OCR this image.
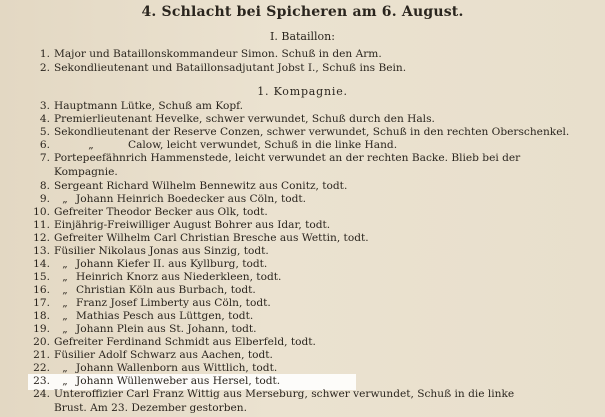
4. Schlacht bei Spicheren am 6. August.
I. Bataillon:
1. Kompagnie.
1. Major und Bataillonskommandeur Simon. Schuß in den Arm.
2. Sekondlieutenant und Bataillonsadjutant Jobst I., Schuß ins Bein.
3. Hauptmann Lütke, Schuß am Kopf.
4. Premierlieutenant Hevelke, schwer verwundet, Schuß durch den Hals.
5. Sekondlieutenant der Reserve Conzen, schwer verwundet, Schuß in den rechten Oberschenkel.
6.	„	Calow, leicht verwundet, Schuß in die linke Hand.
7. Portepeefähnrich Hammenstede, leicht verwundet an der rechten Backe. Blieb bei der
Kompagnie.
8. Sergeant Richard Wilhelm Bennewitz aus Conitz, todt.
9. „ Johann Heinrich Boedecker aus Cöln, todt.
10. Gefreiter Theodor Becker aus Olk, todt.
11. Einjährig-Freiwilliger August Bohrer aus Idar, todt.
12. Gefreiter Wilhelm Carl Christian Bresche aus Wettin, todt.
13. Füsilier Nikolaus Jonas aus Sinzig, todt.
14. „ Johann Kiefer II. aus Kyllburg, todt.
15. „ Heinrich Knorz aus Niederkleen, todt.
16. „ Christian Köln aus Burbach, todt.
17. „ Franz Josef Limberty aus Cöln, todt.
18. „ Mathias Pesch aus Lüttgen, todt.
19. „ Johann Plein aus St. Johann, todt.
20. Gefreiter Ferdinand Schmidt aus Elberfeld, todt.
21. Füsilier Adolf Schwarz aus Aachen, todt.
22. „ Johann Wallenborn aus Wittlich, todt.
23. „ Johann Wüllenweber aus Hersel, todt.
24. Unteroffizier Carl Franz Wittig aus Merseburg, schwer verwundet, Schuß in die linke
Brust. Am 23. Dezember gestorben.
